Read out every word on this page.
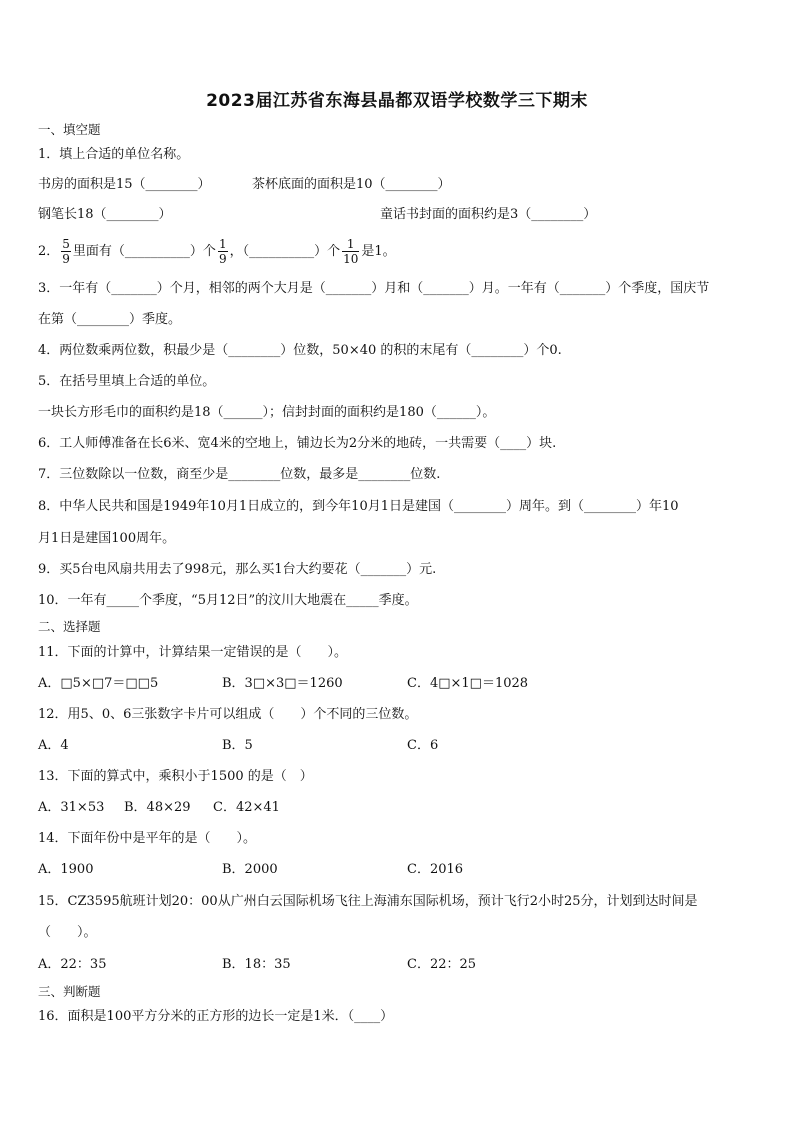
2023届江苏省东海县晶都双语学校数学三下期末
一、填空题
1．填上合适的单位名称。
书房的面积是15（________）	茶杯底面的面积是10（________）
钢笔长18（________）	童话书封面的面积约是3（________）
2． $\frac{5}{9}$ 里面有（__________）个 $\frac{1}{9}$ ，（__________）个 $\frac{1}{10}$ 是1。
3．一年有（_______）个月，相邻的两个大月是（_______）月和（_______）月。一年有（_______）个季度，国庆节
在第（________）季度。
4．两位数乘两位数，积最少是（________）位数，50×40 的积的末尾有（________）个0.
5．在括号里填上合适的单位。
一块长方形毛巾的面积约是18（______）；信封封面的面积约是180（______）。
6．工人师傅准备在长6米、宽4米的空地上，铺边长为2分米的地砖，一共需要（____）块.
7．三位数除以一位数，商至少是________位数，最多是________位数.
8．中华人民共和国是1949年10月1日成立的，到今年10月1日是建国（________）周年。到（________）年10
月1日是建国100周年。
9．买5台电风扇共用去了998元，那么买1台大约要花（_______）元.
10．一年有_____个季度，“5月12日”的汶川大地震在_____季度。
二、选择题
11．下面的计算中，计算结果一定错误的是（　　）。
A．□5×□7＝□□5	B．3□×3□＝1260	C．4□×1□＝1028
12．用5、0、6三张数字卡片可以组成（　　）个不同的三位数。
A．4	B．5	C．6
13．下面的算式中，乘积小于1500 的是（　）
A．31×53 B．48×29 C．42×41
14．下面年份中是平年的是（　　）。
A．1900	B．2000	C．2016
15．CZ3595航班计划20：00从广州白云国际机场飞往上海浦东国际机场，预计飞行2小时25分，计划到达时间是
（　　）。
A．22：35	B．18：35	C．22：25
三、判断题
16．面积是100平方分米的正方形的边长一定是1米．（____）
